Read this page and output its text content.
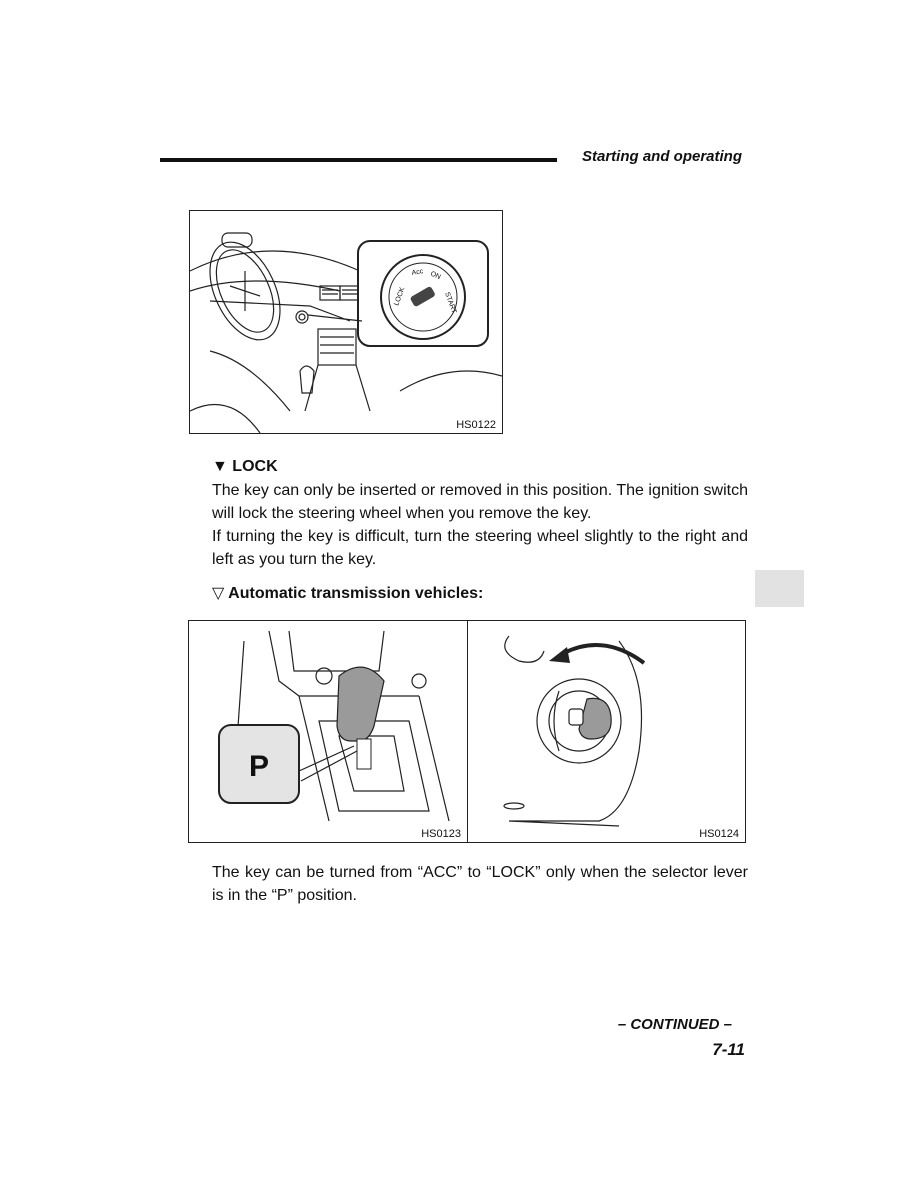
Starting and operating
LOCK
Acc ON
START
HS0122
▼ LOCK
The key can only be inserted or removed in this position. The ignition switch will lock the steering wheel when you remove the key.
If turning the key is difficult, turn the steering wheel slightly to the right and left as you turn the key.
▽ Automatic transmission vehicles:
P
HS0123	HS0124
The key can be turned from “ACC” to “LOCK” only when the selector lever is in the “P” position.
– CONTINUED –
7-11
